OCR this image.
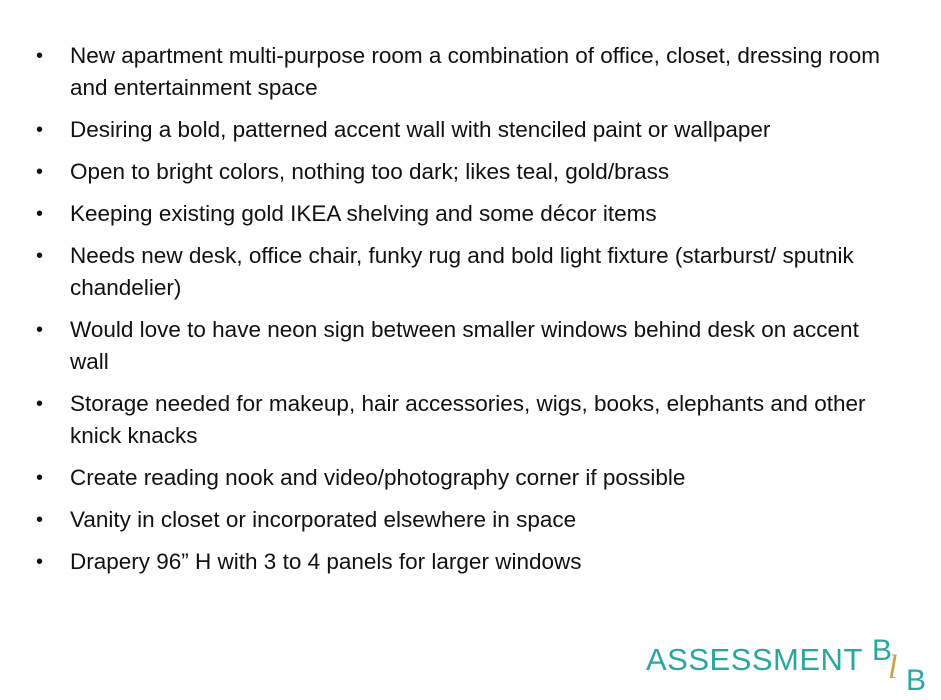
• New apartment multi-purpose room a combination of office, closet, dressing room and entertainment space
• Desiring a bold, patterned accent wall with stenciled paint or wallpaper
• Open to bright colors, nothing too dark; likes teal, gold/brass
• Keeping existing gold IKEA shelving and some décor items
• Needs new desk, office chair, funky rug and bold light fixture (starburst/ sputnik chandelier)
• Would love to have neon sign between smaller windows behind desk on accent wall
• Storage needed for makeup, hair accessories, wigs, books, elephants and other knick knacks
• Create reading nook and video/photography corner if possible
• Vanity in closet or incorporated elsewhere in space
• Drapery 96” H with 3 to 4 panels for larger windows
ASSESSMENT B
l B
